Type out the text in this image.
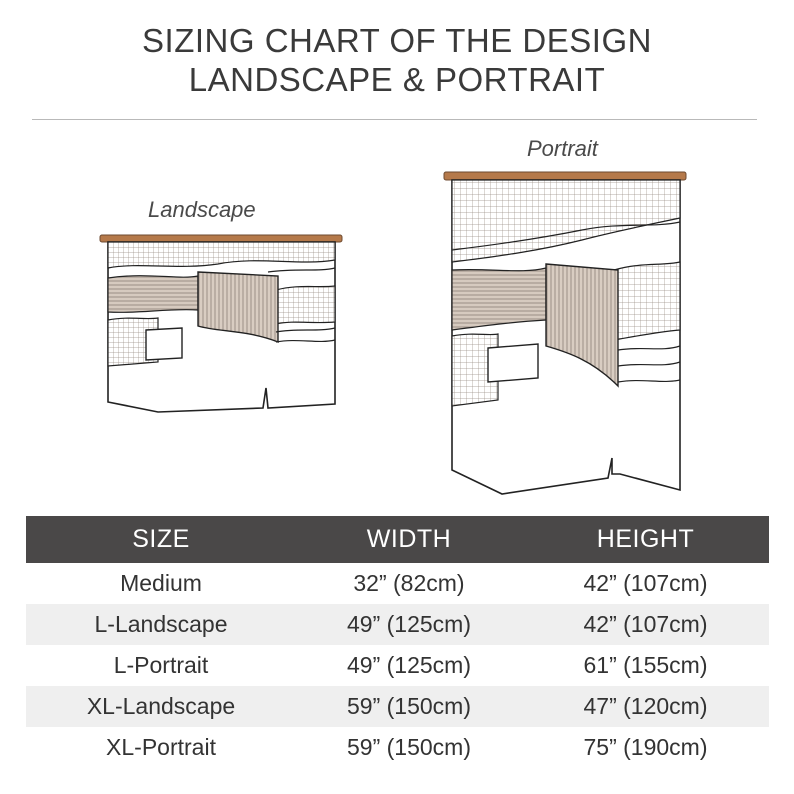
SIZING CHART OF THE DESIGN
LANDSCAPE & PORTRAIT
Landscape
Portrait
SIZE	WIDTH	HEIGHT
Medium	32” (82cm)	42” (107cm)
L-Landscape	49” (125cm)	42” (107cm)
L-Portrait	49” (125cm)	61” (155cm)
XL-Landscape	59” (150cm)	47” (120cm)
XL-Portrait	59” (150cm)	75” (190cm)
